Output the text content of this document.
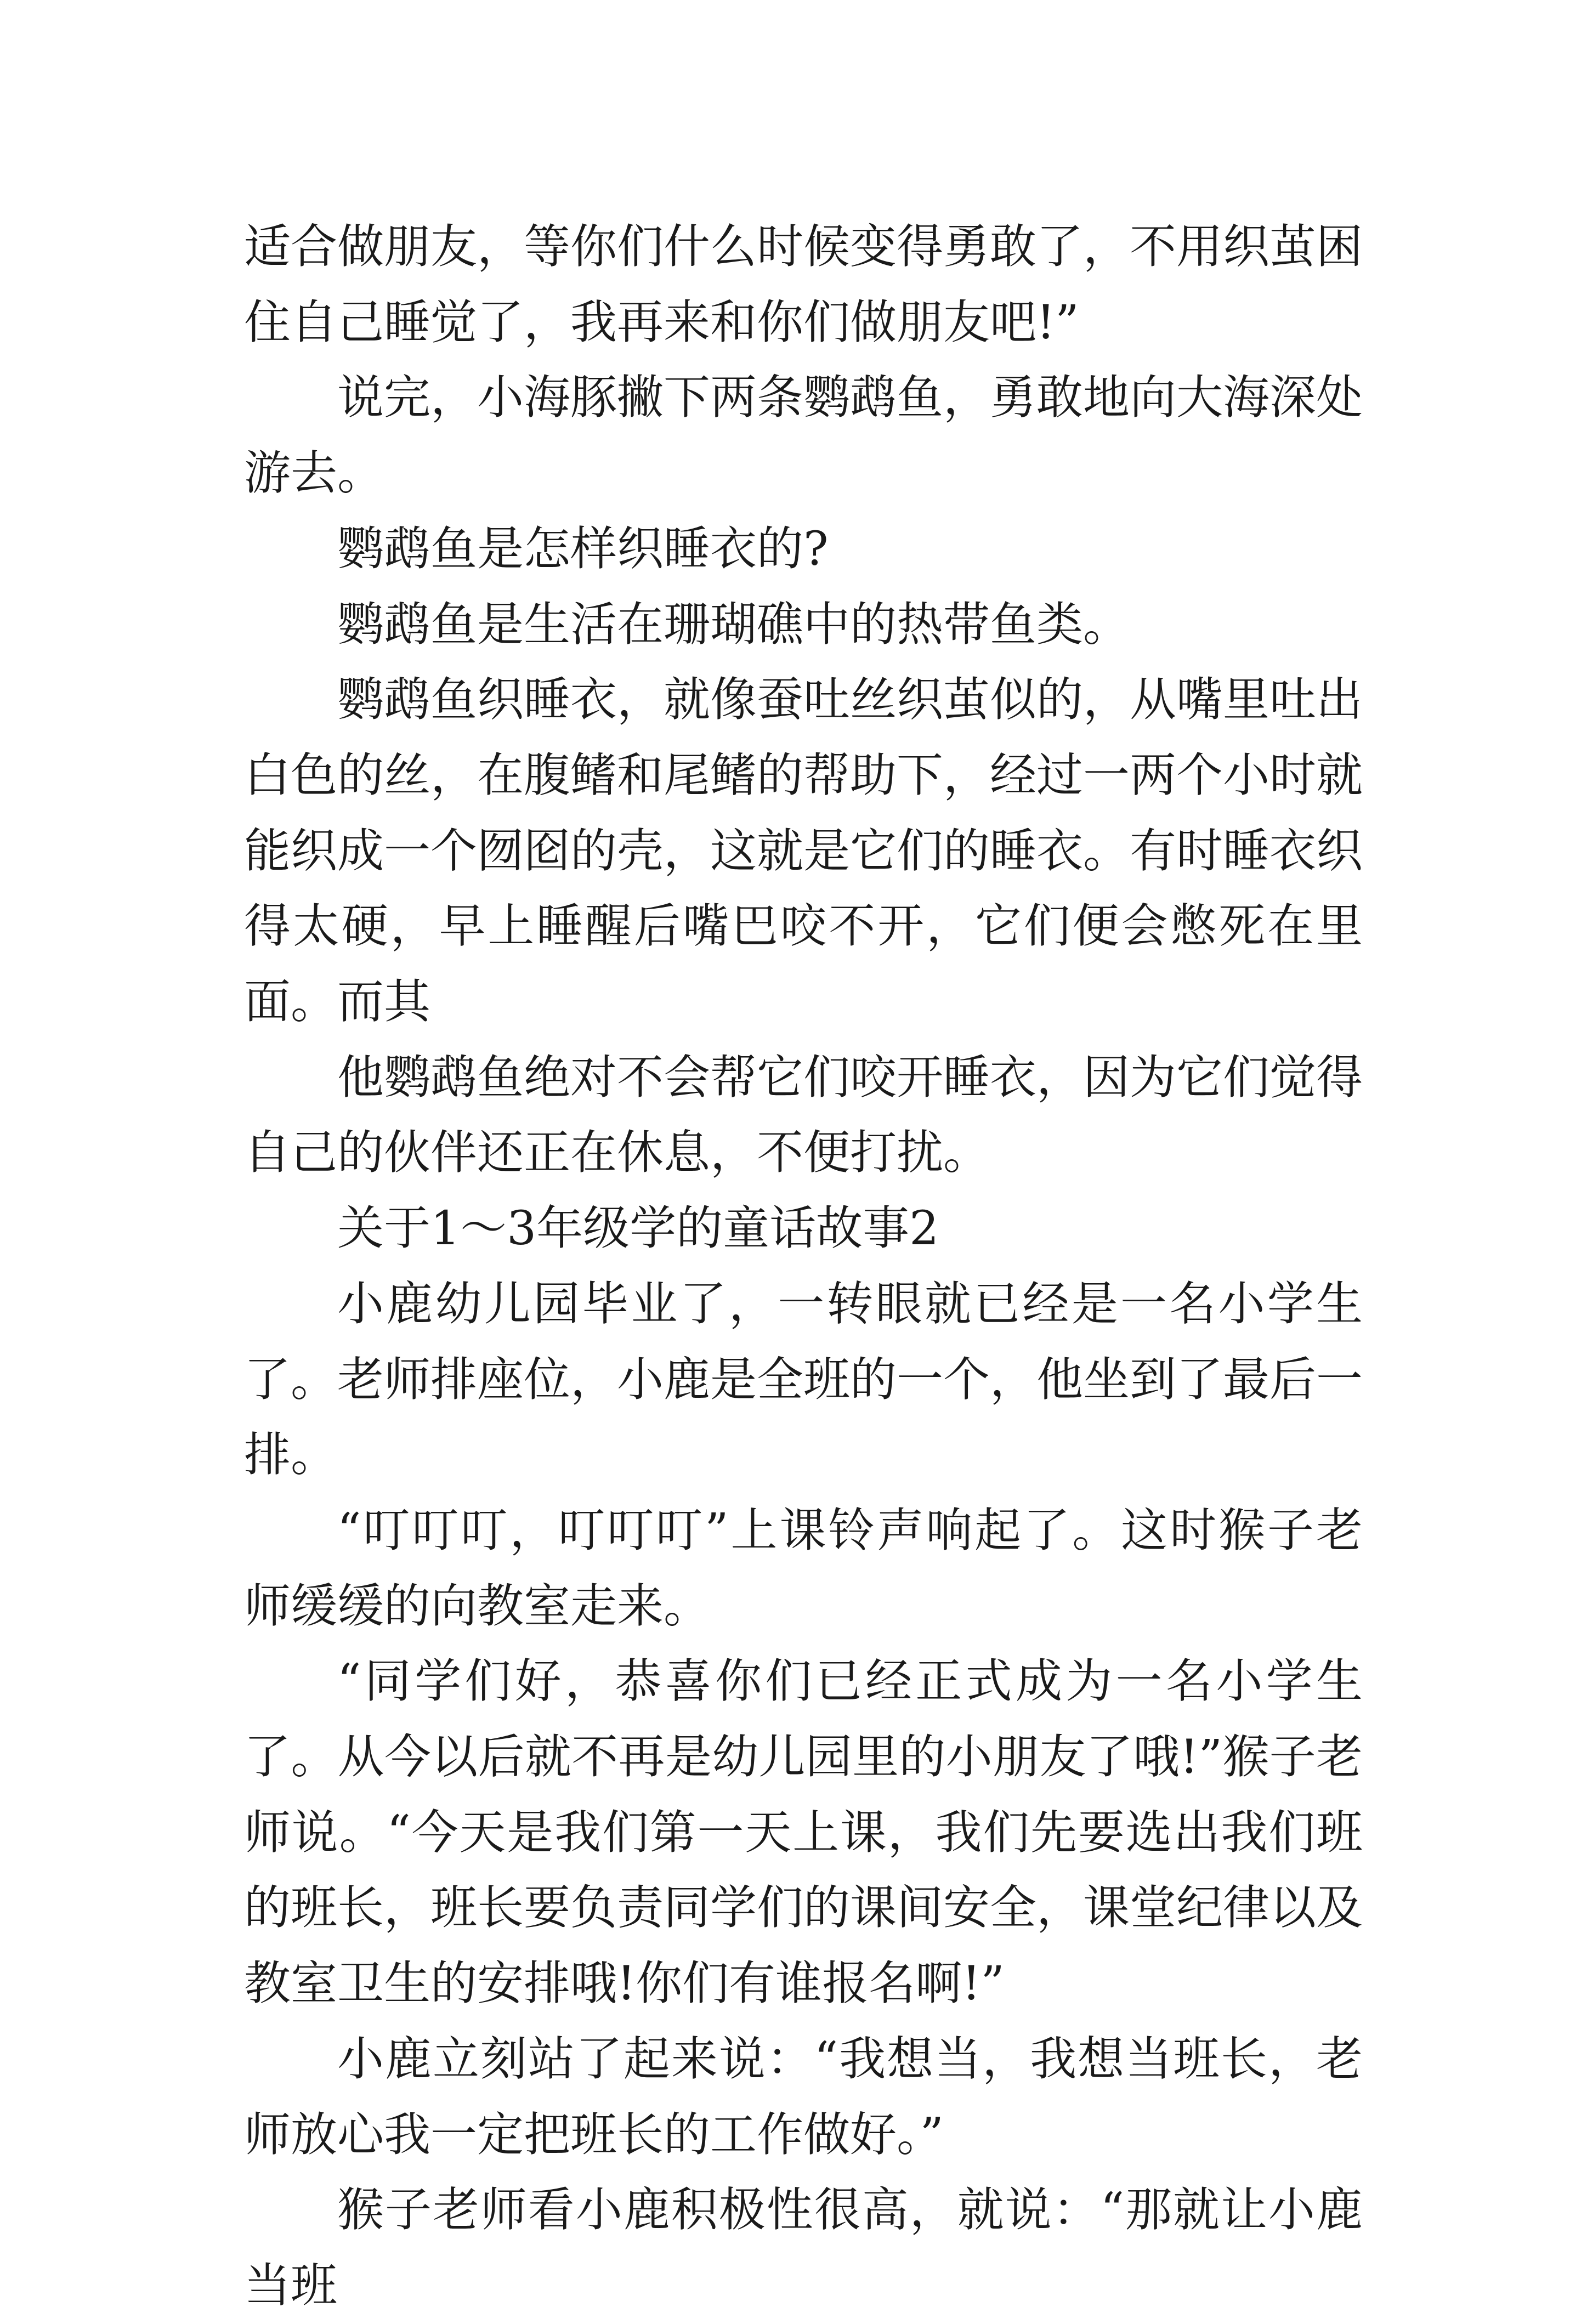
适合做朋友，等你们什么时候变得勇敢了，不用织茧困住自己睡觉了，我再来和你们做朋友吧!”

说完，小海豚撇下两条鹦鹉鱼，勇敢地向大海深处游去。

鹦鹉鱼是怎样织睡衣的?

鹦鹉鱼是生活在珊瑚礁中的热带鱼类。

鹦鹉鱼织睡衣，就像蚕吐丝织茧似的，从嘴里吐出白色的丝，在腹鳍和尾鳍的帮助下，经过一两个小时就能织成一个囫囵的壳，这就是它们的睡衣。有时睡衣织得太硬，早上睡醒后嘴巴咬不开，它们便会憋死在里面。而其

他鹦鹉鱼绝对不会帮它们咬开睡衣，因为它们觉得自己的伙伴还正在休息，不便打扰。

关于1～3年级学的童话故事2

小鹿幼儿园毕业了，一转眼就已经是一名小学生了。老师排座位，小鹿是全班的一个，他坐到了最后一排。

“叮叮叮，叮叮叮”上课铃声响起了。这时猴子老师缓缓的向教室走来。

“同学们好，恭喜你们已经正式成为一名小学生了。从今以后就不再是幼儿园里的小朋友了哦!”猴子老师说。“今天是我们第一天上课，我们先要选出我们班的班长，班长要负责同学们的课间安全，课堂纪律以及教室卫生的安排哦!你们有谁报名啊!”

小鹿立刻站了起来说：“我想当，我想当班长，老师放心我一定把班长的工作做好。”

猴子老师看小鹿积极性很高，就说：“那就让小鹿当班
